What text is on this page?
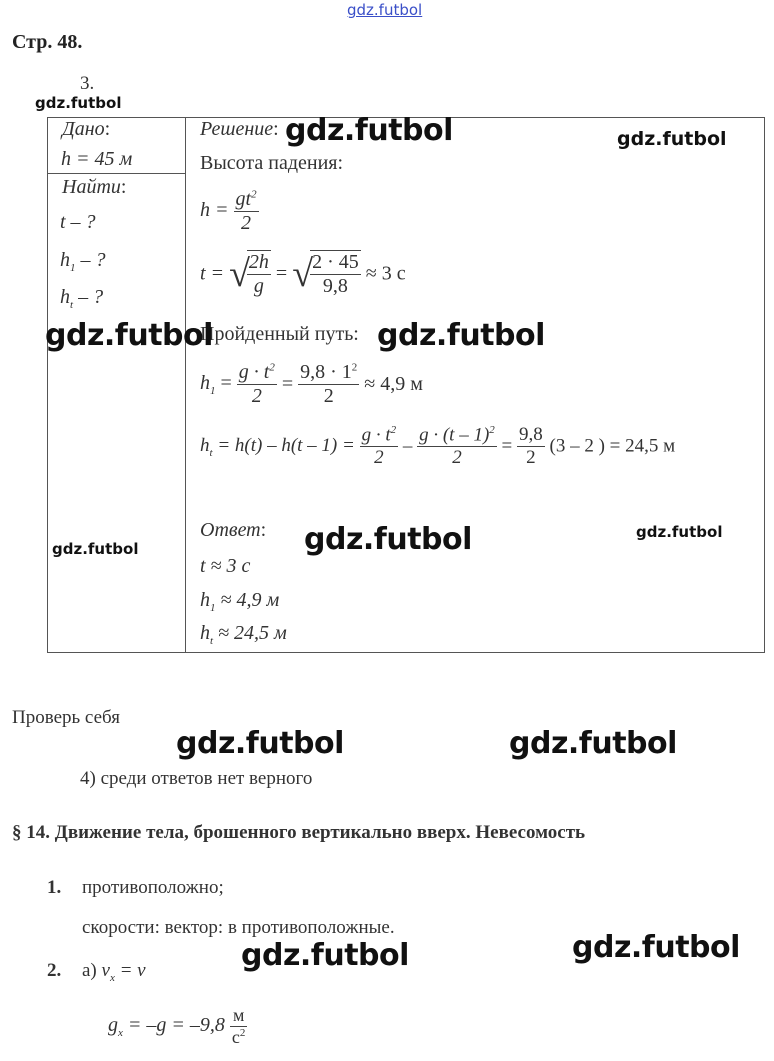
gdz.futbol
Стр. 48.
3.
gdz.futbol
Дано:
h = 45 м
Найти:
t – ?
$h_1$ – ?
$h_t$ – ?
Решение: gdz.futbol	gdz.futbol
Высота падения:
$h = \frac{gt^2}{2}$
t = √
$\frac{2h}{g}$ = √
$\frac{2 \cdot 45}{9,8} \approx 3$ с
Пройденный путь:
gdz.futbol	gdz.futbol
$h_1 = \frac{g \cdot t^2}{2} = \frac{9,8 \cdot 1^2}{2} \approx 4,9$ м
$h_t = h(t) - h(t - 1) = \frac{g \cdot t^2}{2} - \frac{g \cdot (t - 1)^2}{2} = \frac{9,8}{2} (3 - 2$ ) = 24,5 м
Ответ: gdz.futbol
gdz.futbol
gdz.futbol
t ≈ 3 с
$h_1 \approx 4,9$ м
$h_t \approx 24,5$ м
Проверь себя
gdz.futbol	gdz.futbol
4) среди ответов нет верного
§ 14. Движение тела, брошенного вертикально вверх. Невесомость
1. противоположно;
скорости: вектор: в противоположные.
gdz.futbol
gdz.futbol
2. а) $v_x = v$
$g_x = -g = -9,8 \frac{м}{с^2}$
